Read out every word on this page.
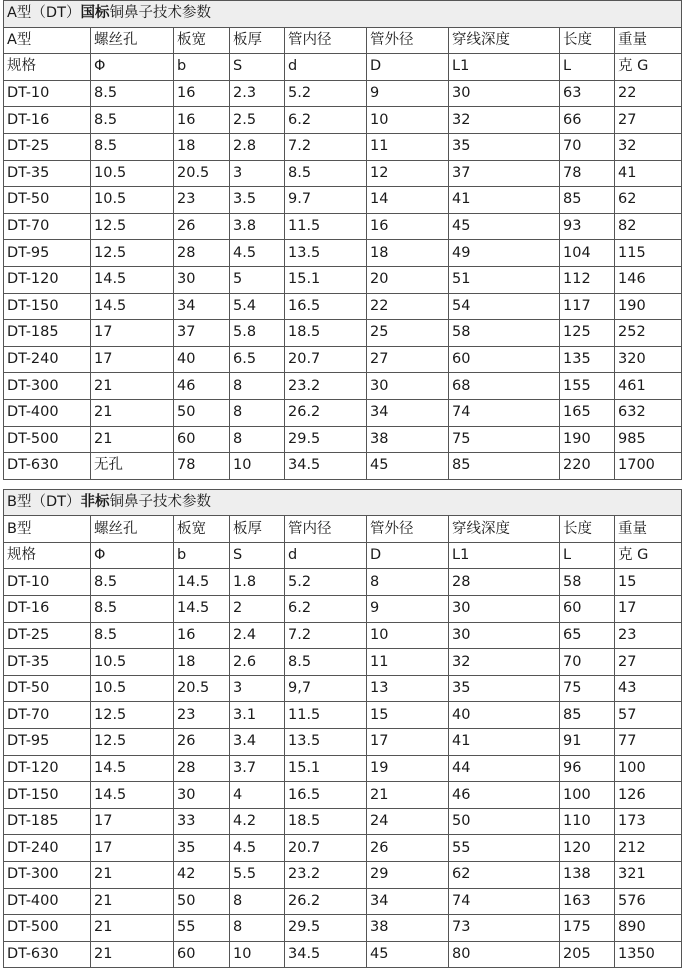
A型（DT）国标铜鼻子技术参数								
A型	螺丝孔	板宽	板厚	管内径	管外径	穿线深度	长度	重量
规格	Φ	b	S	d	D	L1	L	克 G
DT-10	8.5	16	2.3	5.2	9	30	63	22
DT-16	8.5	16	2.5	6.2	10	32	66	27
DT-25	8.5	18	2.8	7.2	11	35	70	32
DT-35	10.5	20.5	3	8.5	12	37	78	41
DT-50	10.5	23	3.5	9.7	14	41	85	62
DT-70	12.5	26	3.8	11.5	16	45	93	82
DT-95	12.5	28	4.5	13.5	18	49	104	115
DT-120	14.5	30	5	15.1	20	51	112	146
DT-150	14.5	34	5.4	16.5	22	54	117	190
DT-185	17	37	5.8	18.5	25	58	125	252
DT-240	17	40	6.5	20.7	27	60	135	320
DT-300	21	46	8	23.2	30	68	155	461
DT-400	21	50	8	26.2	34	74	165	632
DT-500	21	60	8	29.5	38	75	190	985
DT-630	无孔	78	10	34.5	45	85	220	1700
B型（DT）非标铜鼻子技术参数								
B型	螺丝孔	板宽	板厚	管内径	管外径	穿线深度	长度	重量
规格	Φ	b	S	d	D	L1	L	克 G
DT-10	8.5	14.5	1.8	5.2	8	28	58	15
DT-16	8.5	14.5	2	6.2	9	30	60	17
DT-25	8.5	16	2.4	7.2	10	30	65	23
DT-35	10.5	18	2.6	8.5	11	32	70	27
DT-50	10.5	20.5	3	9,7	13	35	75	43
DT-70	12.5	23	3.1	11.5	15	40	85	57
DT-95	12.5	26	3.4	13.5	17	41	91	77
DT-120	14.5	28	3.7	15.1	19	44	96	100
DT-150	14.5	30	4	16.5	21	46	100	126
DT-185	17	33	4.2	18.5	24	50	110	173
DT-240	17	35	4.5	20.7	26	55	120	212
DT-300	21	42	5.5	23.2	29	62	138	321
DT-400	21	50	8	26.2	34	74	163	576
DT-500	21	55	8	29.5	38	73	175	890
DT-630	21	60	10	34.5	45	80	205	1350
